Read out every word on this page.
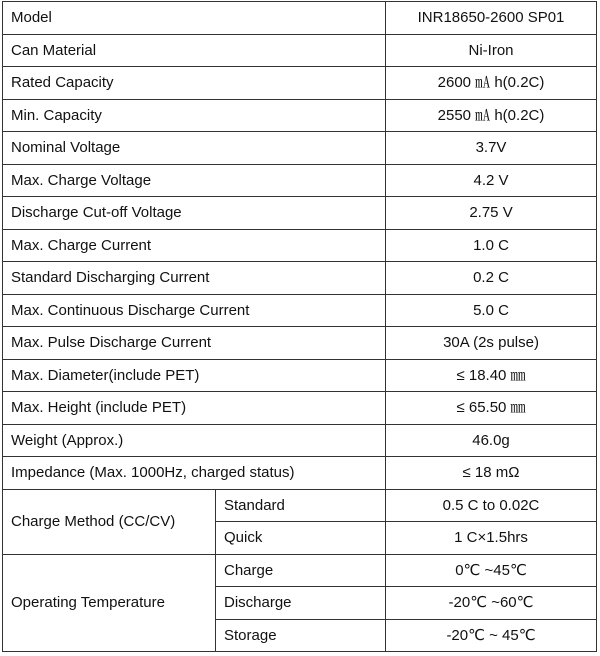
Model		INR18650-2600 SP01
Can Material		Ni-Iron
Rated Capacity		2600 ㎃ h(0.2C)
Min. Capacity		2550 ㎃ h(0.2C)
Nominal Voltage		3.7V
Max. Charge Voltage		4.2 V
Discharge Cut-off Voltage		2.75 V
Max. Charge Current		1.0 C
Standard Discharging Current		0.2 C
Max. Continuous Discharge Current		5.0 C
Max. Pulse Discharge Current		30A (2s pulse)
Max. Diameter(include PET)		≤ 18.40 ㎜
Max. Height (include PET)		≤ 65.50 ㎜
Weight (Approx.)		46.0g
Impedance (Max. 1000Hz, charged status)		≤ 18 mΩ
Charge Method (CC/CV)	Standard	0.5 C to 0.02C
	Quick	1 C×1.5hrs
Operating Temperature	Charge	0℃ ~45℃
	Discharge	-20℃ ~60℃
	Storage	-20℃ ~ 45℃
